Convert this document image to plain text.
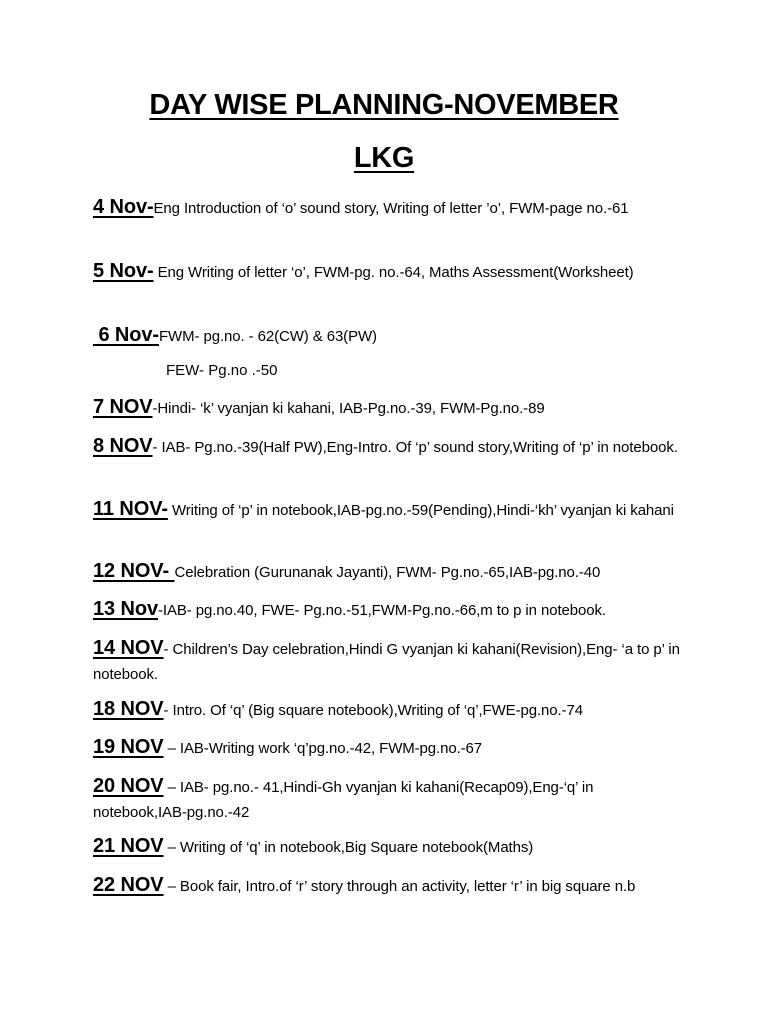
DAY WISE PLANNING-NOVEMBER
LKG
4 Nov-Eng Introduction of ‘o’ sound story, Writing of letter ’o’, FWM-page no.-61
5 Nov- Eng Writing of letter ‘o’, FWM-pg. no.-64, Maths Assessment(Worksheet)
6 Nov-FWM- pg.no. - 62(CW) & 63(PW)
FEW- Pg.no .-50
7 NOV-Hindi- ‘k’ vyanjan ki kahani, IAB-Pg.no.-39, FWM-Pg.no.-89
8 NOV- IAB- Pg.no.-39(Half PW),Eng-Intro. Of ‘p’ sound story,Writing of ‘p’ in notebook.
11 NOV- Writing of ‘p’ in notebook,IAB-pg.no.-59(Pending),Hindi-‘kh’ vyanjan ki kahani
12 NOV- Celebration (Gurunanak Jayanti), FWM- Pg.no.-65,IAB-pg.no.-40
13 Nov-IAB- pg.no.40, FWE- Pg.no.-51,FWM-Pg.no.-66,m to p in notebook.
14 NOV- Children’s Day celebration,Hindi G vyanjan ki kahani(Revision),Eng- ‘a to p’ in notebook.
18 NOV- Intro. Of ‘q’ (Big square notebook),Writing of ‘q’,FWE-pg.no.-74
19 NOV – IAB-Writing work ‘q’pg.no.-42, FWM-pg.no.-67
20 NOV – IAB- pg.no.- 41,Hindi-Gh vyanjan ki kahani(Recap09),Eng-‘q’ in notebook,IAB-pg.no.-42
21 NOV – Writing of ‘q’ in notebook,Big Square notebook(Maths)
22 NOV – Book fair, Intro.of ‘r’ story through an activity, letter ‘r’ in big square n.b
